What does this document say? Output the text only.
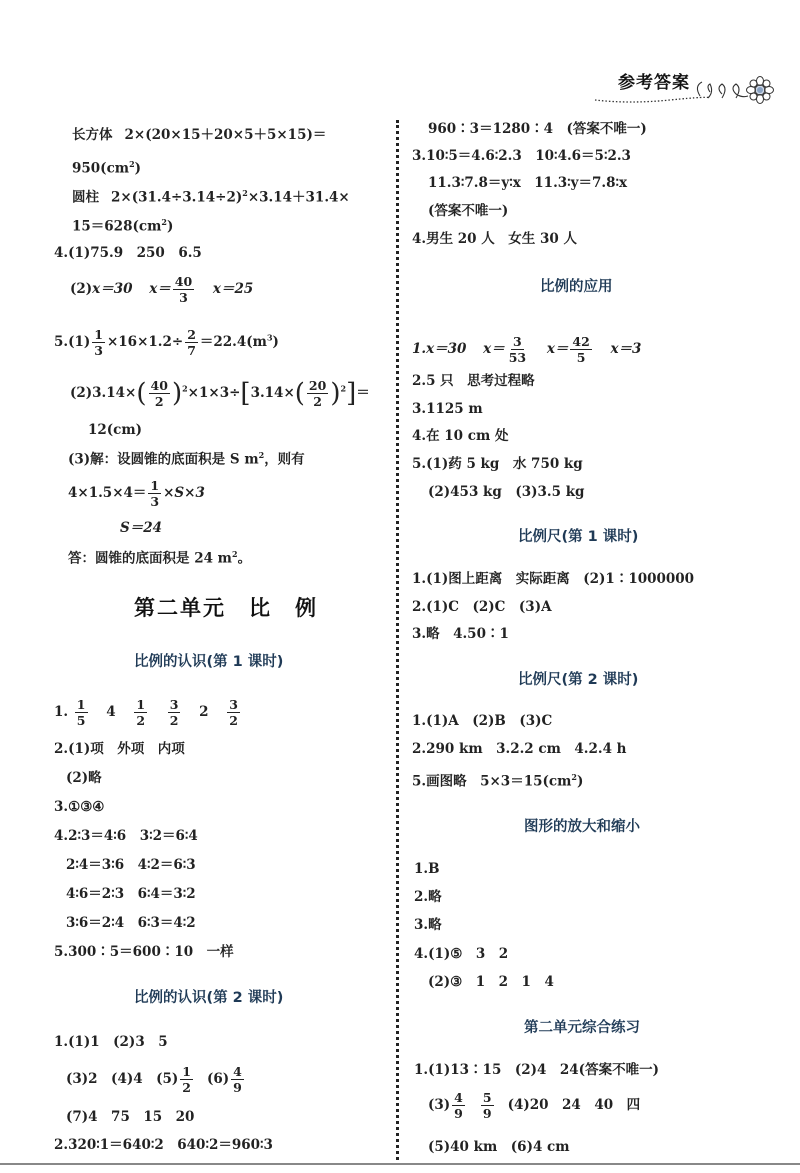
参考答案
长方体 2×(20×15＋20×5＋5×15)＝
$950(cm^2)$
圆柱 $2\times(31.4\div 3.14\div 2)^2\times 3.14+31.4\times$
$15=628(cm^2)$
4.(1)75.9　250　6.5
(2)x＝30 $x= \frac{40}{3} x=25$
$5.(1) \frac{1}{3} \times 16\times 1.2\div \frac{2}{7} =22.4(m^3)$
$(2)3.14\times( \frac{40}{2} )^2\times 1\times 3\div[3.14\times( \frac{20}{2} )^2]=$
12(cm)
(3)解：设圆锥的底面积是 S $m^2$，则有
$4\times 1.5\times 4= \frac{1}{3} \times S\times 3$
S＝24
答：圆锥的底面积是 24 $m^2$。
第二单元　比　例
比例的认识(第 1 课时)
1. $\frac{1}{5} 4 \frac{1}{2}$
$\frac{3}{2} 2 \frac{3}{2}$
2.(1)项　外项　内项
(2)略
3.①③④
4.2∶3＝4∶6　3∶2＝6∶4
2∶4＝3∶6　4∶2＝6∶3
4∶6＝2∶3　6∶4＝3∶2
3∶6＝2∶4　6∶3＝4∶2
5.300∶5＝600∶10　一样
比例的认识(第 2 课时)
1.(1)1　(2)3　5
(3)2　(4)4　$(5) \frac{1}{2} (6) \frac{4}{9}$
(7)4　75　15　20
2.320∶1＝640∶2　640∶2＝960∶3
960∶3＝1280∶4　(答案不唯一)
3.10∶5＝4.6∶2.3　10∶4.6＝5∶2.3
11.3∶7.8＝y∶x　11.3∶y＝7.8∶x
(答案不唯一)
4.男生 20 人　女生 30 人
比例的应用
1.x＝30 $x= \frac{3}{53} x= \frac{42}{5} x=3$
2.5 只　思考过程略
3.1125 m
4.在 10 cm 处
5.(1)药 5 kg　水 750 kg
(2)453 kg　(3)3.5 kg
比例尺(第 1 课时)
1.(1)图上距离　实际距离　(2)1∶1000000
2.(1)C　(2)C　(3)A
3.略　4.50∶1
比例尺(第 2 课时)
1.(1)A　(2)B　(3)C
2.290 km　3.2.2 cm　4.2.4 h
5.画图略　$5\times 3=15(cm^2)$
图形的放大和缩小
1.B
2.略
3.略
4.(1)⑤　3　2
(2)③　1　2　1　4
第二单元综合练习
1.(1)13∶15　(2)4　24(答案不唯一)
$(3) \frac{4}{9} \frac{5}{9} (4)20$　24　40　四
(5)40 km　(6)4 cm
